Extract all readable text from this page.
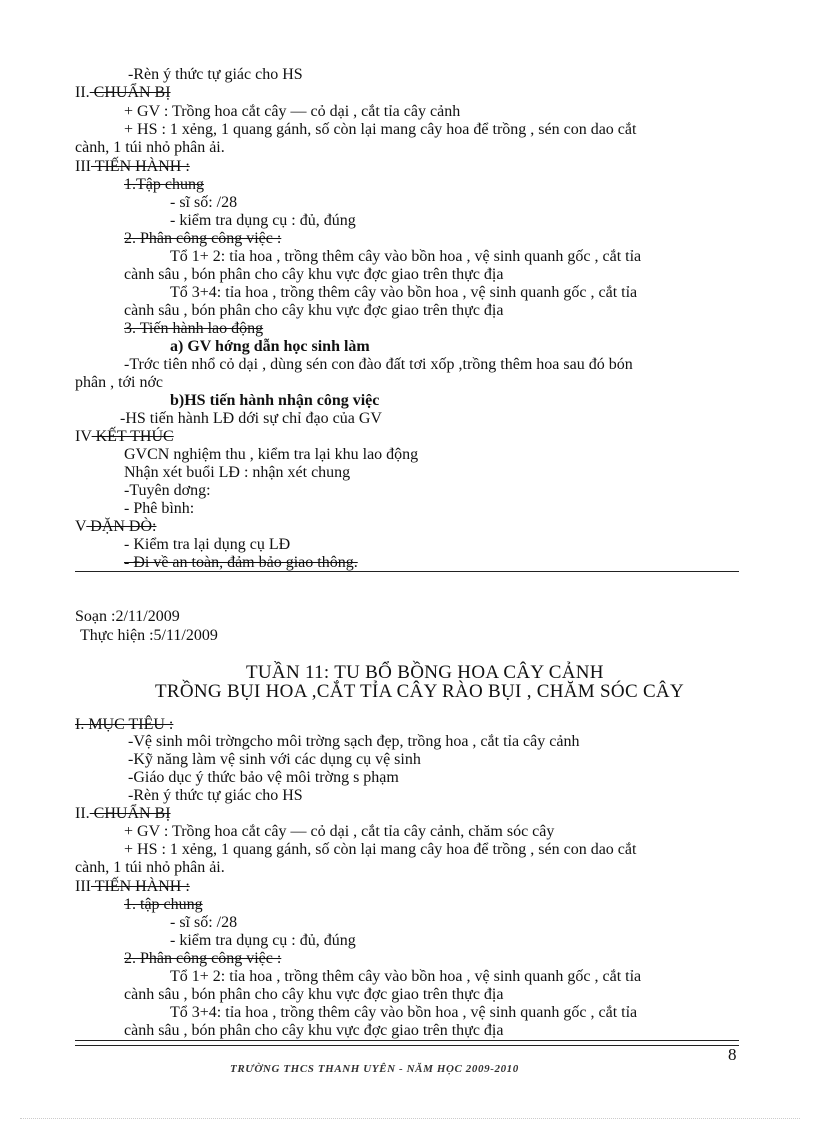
-Rèn ý thức tự giác cho HS
II. CHUẨN BỊ
+ GV : Trồng hoa cắt cây — cỏ dại , cắt tỉa cây cảnh
+ HS : 1 xẻng, 1 quang gánh, số còn lại mang cây hoa để trồng , sén con dao cắt
cành, 1 túi nhỏ phân ải.
III TIẾN HÀNH :
1.Tập chung
- sĩ số: /28
- kiểm tra dụng cụ : đủ, đúng
2. Phân công công việc :
Tổ 1+ 2: tỉa hoa , trồng thêm cây vào bồn hoa , vệ sinh quanh gốc , cắt tỉa
cành sâu , bón phân cho cây khu vực đợc giao trên thực địa
Tổ 3+4: tỉa hoa , trồng thêm cây vào bồn hoa , vệ sinh quanh gốc , cắt tỉa
cành sâu , bón phân cho cây khu vực đợc giao trên thực địa
3. Tiến hành lao động
a) GV hớng dẫn học sinh làm
-Trớc tiên nhổ cỏ dại , dùng sén con đào đất tơi xốp ,trồng thêm hoa sau đó bón
phân , tới nớc
b)HS tiến hành nhận công việc
-HS tiến hành LĐ dới sự chỉ đạo của GV
IV KẾT THÚC
GVCN nghiệm thu , kiểm tra lại khu lao động
Nhận xét buổi LĐ : nhận xét chung
-Tuyên dơng:
- Phê bình:
V DẶN DÒ:
- Kiểm tra lại dụng cụ LĐ
- Đi về an toàn, đảm bảo giao thông.
Soạn :2/11/2009
Thực hiện :5/11/2009
TUẦN 11: TU BỔ BỒNG HOA CÂY CẢNH
TRỒNG BỤI HOA ,CẮT TỈA CÂY RÀO BỤI , CHĂM SÓC CÂY
I. MỤC TIÊU :
-Vệ sinh môi trờngcho môi trờng sạch đẹp, trồng hoa , cắt tỉa cây cảnh
-Kỹ năng làm vệ sinh với các dụng cụ vệ sinh
-Giáo dục ý thức bảo vệ môi trờng s phạm
-Rèn ý thức tự giác cho HS
II. CHUẨN BỊ
+ GV : Trồng hoa cắt cây — cỏ dại , cắt tỉa cây cảnh, chăm sóc cây
+ HS : 1 xẻng, 1 quang gánh, số còn lại mang cây hoa để trồng , sén con dao cắt
cành, 1 túi nhỏ phân ải.
III TIẾN HÀNH :
1. tập chung
- sĩ số: /28
- kiểm tra dụng cụ : đủ, đúng
2. Phân công công việc :
Tổ 1+ 2: tỉa hoa , trồng thêm cây vào bồn hoa , vệ sinh quanh gốc , cắt tỉa
cành sâu , bón phân cho cây khu vực đợc giao trên thực địa
Tổ 3+4: tỉa hoa , trồng thêm cây vào bồn hoa , vệ sinh quanh gốc , cắt tỉa
cành sâu , bón phân cho cây khu vực đợc giao trên thực địa
8
TRƯỜNG THCS THANH UYÊN - NĂM HỌC 2009-2010
